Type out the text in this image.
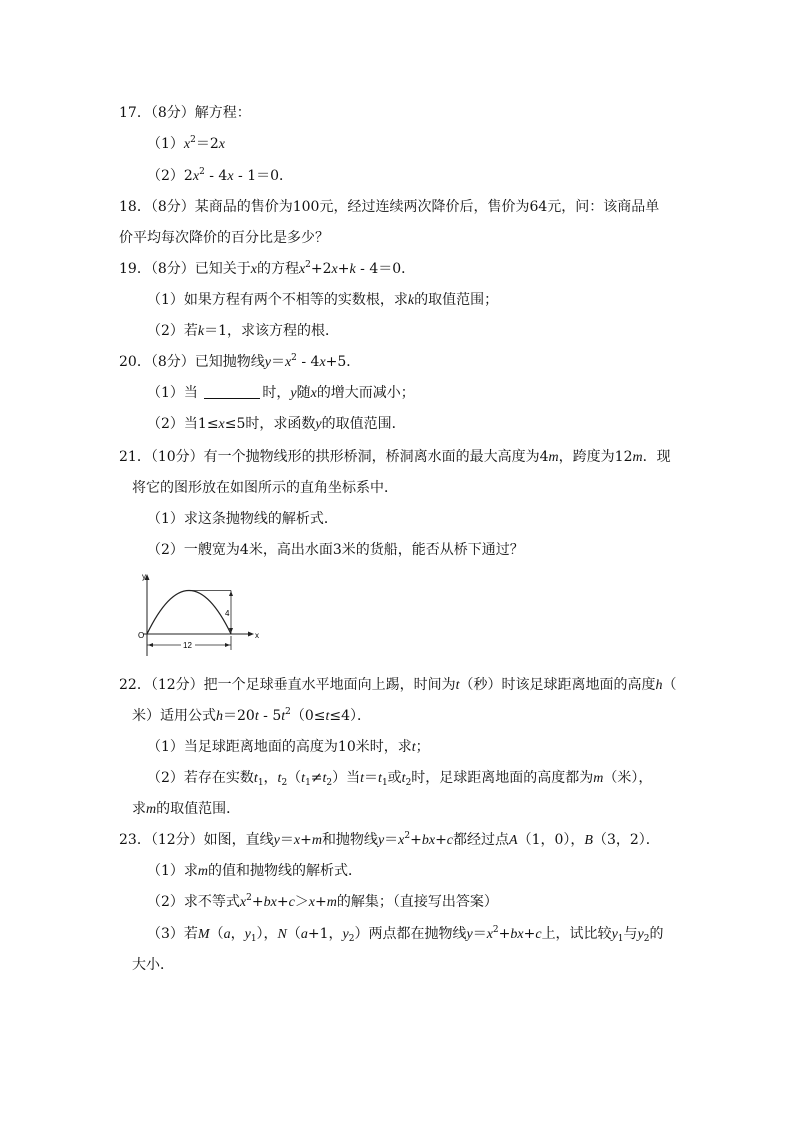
17．（8分）解方程：
$(1)x^2=2x$
$(2)2x^2 - 4x - 1=0$．
18．（8分）某商品的售价为100元，经过连续两次降价后，售价为64元，问：该商品单
价平均每次降价的百分比是多少？
19．（8分）已知关于x的方程$x^2+2x+k - 4=0$．
（1）如果方程有两个不相等的实数根，求k的取值范围；
（2）若k＝1，求该方程的根．
20．（8分）已知抛物线$y=x^2 - 4x+5$．
（1）当	时，y随x的增大而减小；
（2）当1≤x≤5时，求函数y的取值范围．
21．（10分）有一个抛物线形的拱形桥洞，桥洞离水面的最大高度为4m，跨度为12m．现
将它的图形放在如图所示的直角坐标系中．
（1）求这条抛物线的解析式．
（2）一艘宽为4米，高出水面3米的货船，能否从桥下通过？
y
x
O
4
12
22．（12分）把一个足球垂直水平地面向上踢，时间为t（秒）时该足球距离地面的高度h（
米）适用公式$h=20t - 5t^2(0\le t\le 4)$．
（1）当足球距离地面的高度为10米时，求t；
（2）若存在实数$t_1$，$t_2(t_1\ne t_2)$当$t=t_1$或$t_2$时，足球距离地面的高度都为m（米），
求m的取值范围．
23．（12分）如图，直线y＝x+m和抛物线$y=x^2+bx+c$都经过点A（1，0），B（3，2）．
（1）求m的值和抛物线的解析式．
（2）求不等式$x^2+bx+c>x+m$的解集；（直接写出答案）
（3）若M（a，$y_1$），N（a+1，$y_2$）两点都在抛物线$y=x^2+bx+c$上，试比较$y_1$与$y_2$的
大小．
